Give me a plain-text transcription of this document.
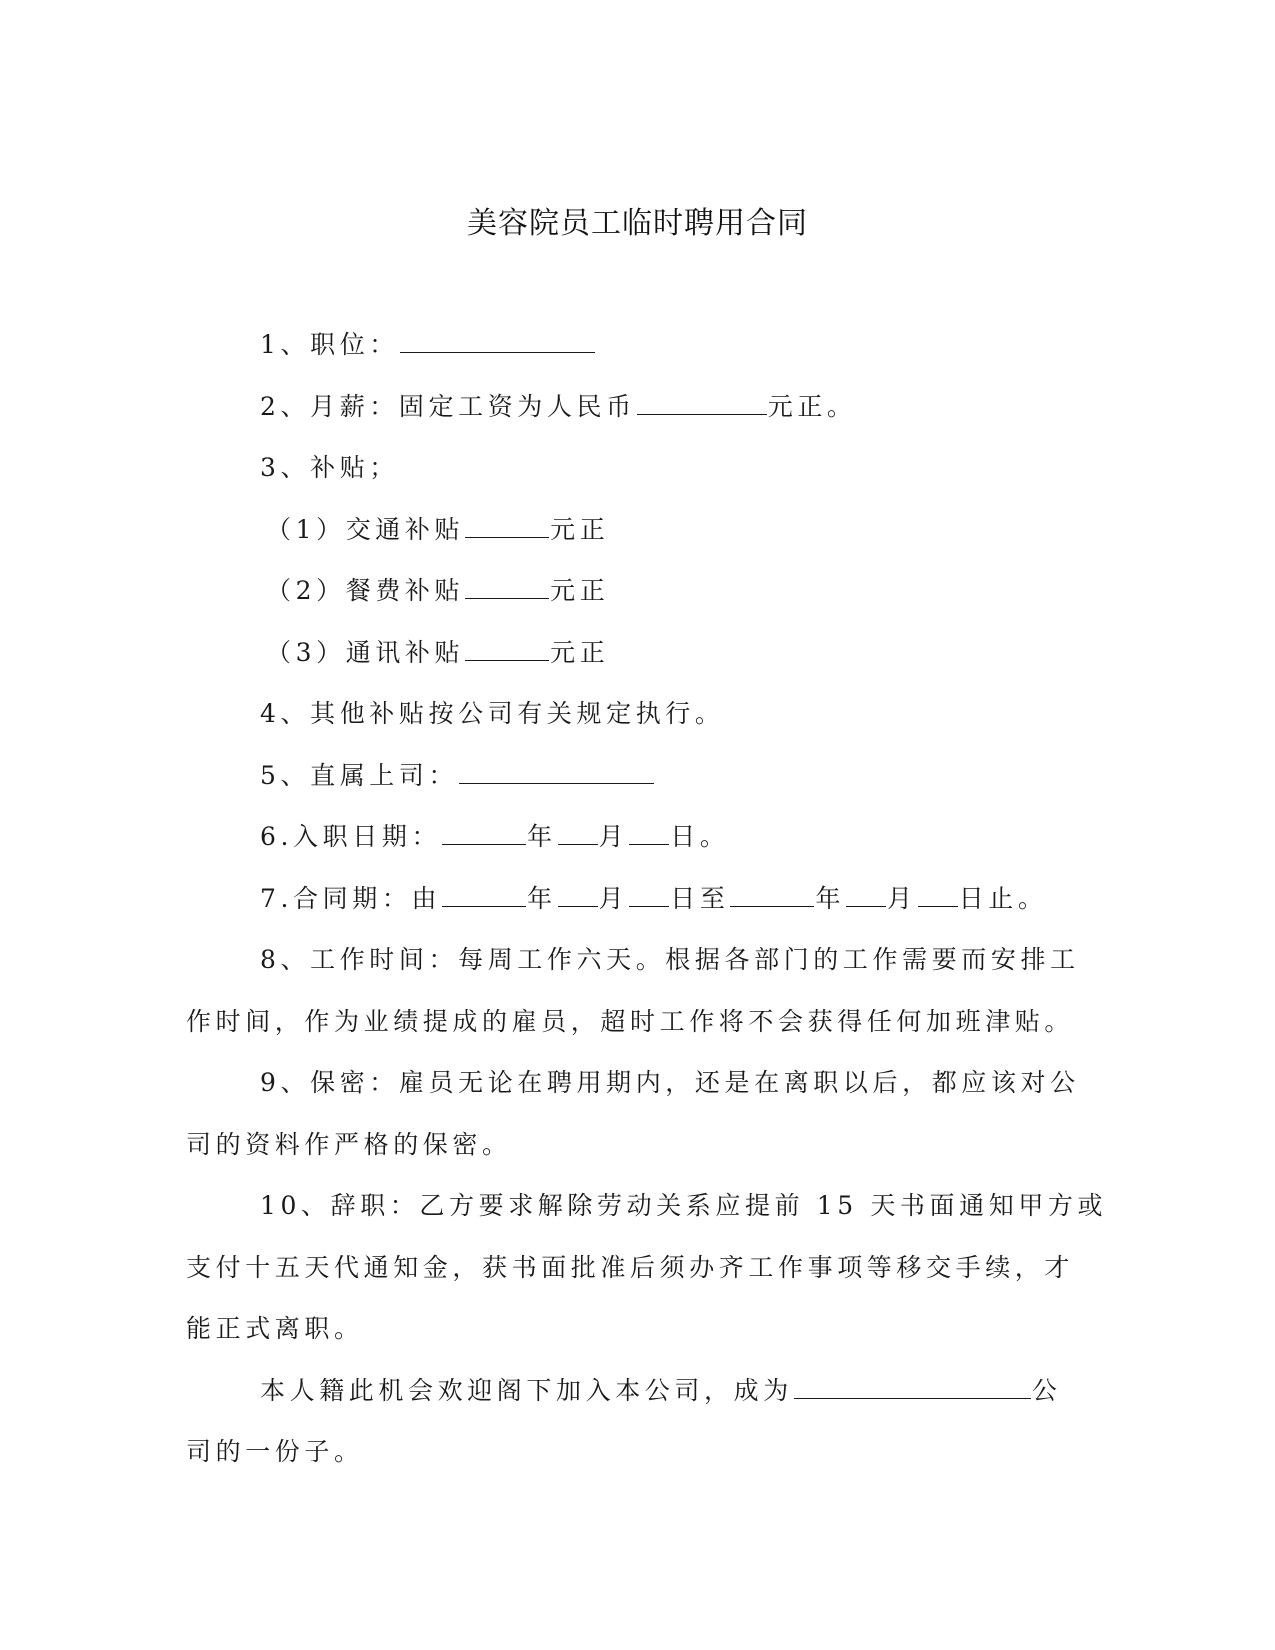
美容院员工临时聘用合同

1、职位：

2、月薪：固定工资为人民币	元正。

3、补贴；

（1）交通补贴	元正

（2）餐费补贴	元正

（3）通讯补贴	元正

4、其他补贴按公司有关规定执行。

5、直属上司：

6.入职日期：	年 月 日。

7.合同期：由	年 月 日至	年 月 日止。

8、工作时间：每周工作六天。根据各部门的工作需要而安排工

作时间，作为业绩提成的雇员，超时工作将不会获得任何加班津贴。

9、保密：雇员无论在聘用期内，还是在离职以后，都应该对公

司的资料作严格的保密。

10、辞职：乙方要求解除劳动关系应提前 15 天书面通知甲方或

支付十五天代通知金，获书面批准后须办齐工作事项等移交手续，才

能正式离职。

本人籍此机会欢迎阁下加入本公司，成为	公

司的一份子。
